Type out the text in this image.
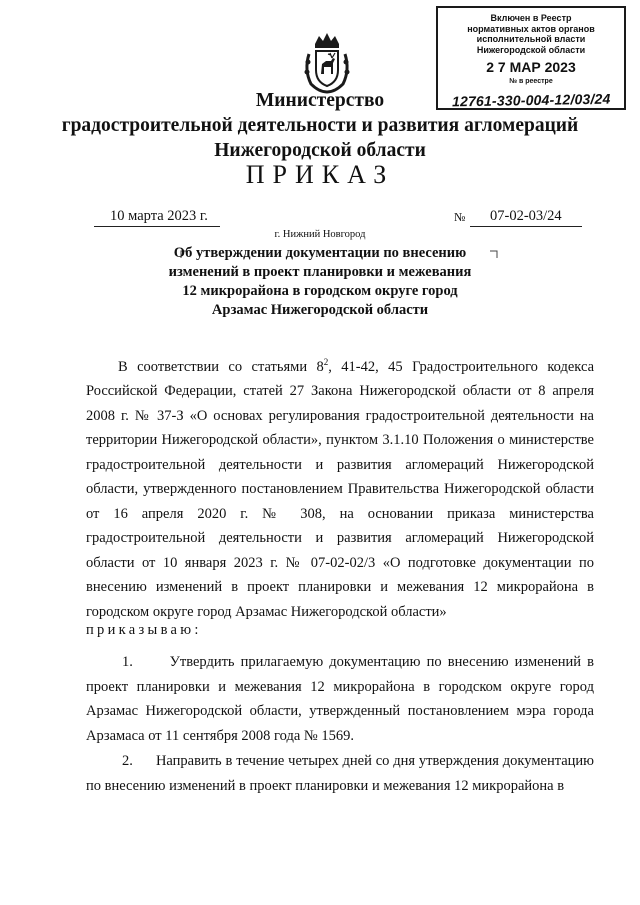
Включен в Реестр
нормативных актов органов
исполнительной власти
Нижегородской области
2 7 МАР 2023
№ в реестре
12761-330-004-12/03/24
Министерство
градостроительной деятельности и развития агломераций
Нижегородской области
ПРИКАЗ
10 марта 2023 г.	№ 07-02-03/24
г. Нижний Новгород
Об утверждении документации по внесению
изменений в проект планировки и межевания
12 микрорайона в городском округе город
Арзамас Нижегородской области
В соответствии со статьями $8^2$, 41-42, 45 Градостроительного кодекса Российской Федерации, статей 27 Закона Нижегородской области от 8 апреля 2008 г. № 37-З «О основах регулирования градостроительной деятельности на территории Нижегородской области», пунктом 3.1.10 Положения о министерстве градостроительной деятельности и развития агломераций Нижегородской области, утвержденного постановлением Правительства Нижегородской области от 16 апреля 2020 г. № 308, на основании приказа министерства градостроительной деятельности и развития агломераций Нижегородской области от 10 января 2023 г. № 07-02-02/3 «О подготовке документации по внесению изменений в проект планировки и межевания 12 микрорайона в городском округе город Арзамас Нижегородской области»
приказываю:
1.	Утвердить прилагаемую документацию по внесению изменений в проект планировки и межевания 12 микрорайона в городском округе город Арзамас Нижегородской области, утвержденный постановлением мэра города Арзамаса от 11 сентября 2008 года № 1569.
2. Направить в течение четырех дней со дня утверждения документацию по внесению изменений в проект планировки и межевания 12 микрорайона в
